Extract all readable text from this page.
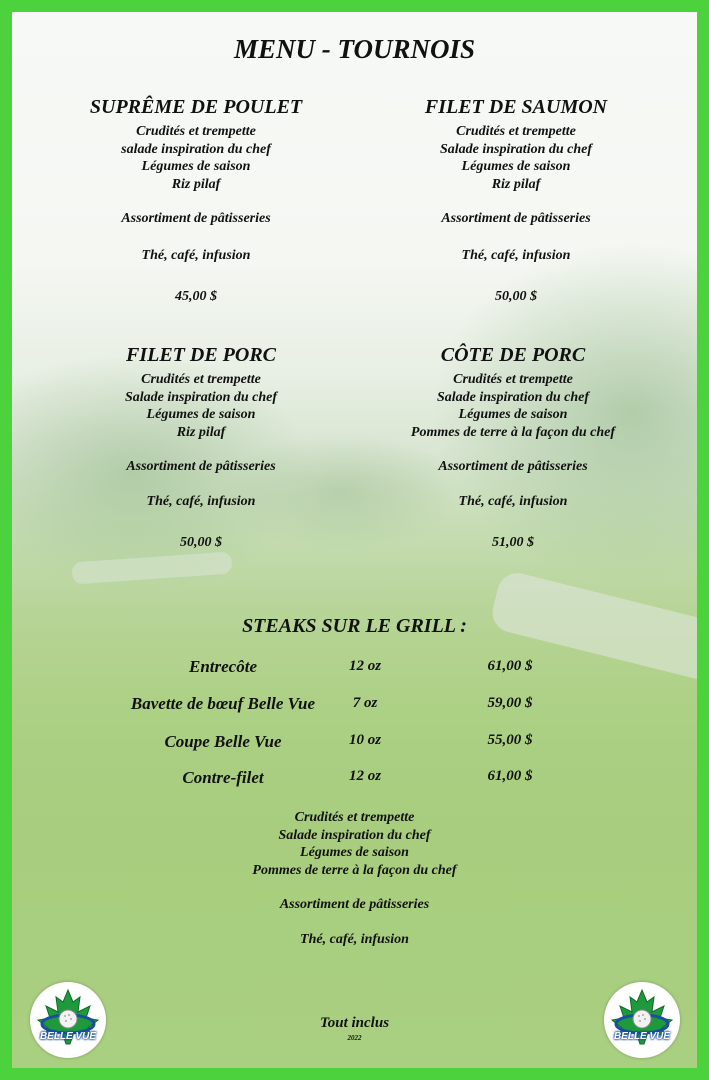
MENU - TOURNOIS
SUPRÊME DE POULET
Crudités et trempette
salade inspiration du chef
Légumes de saison
Riz pilaf
Assortiment de pâtisseries
Thé, café, infusion
45,00 $
FILET DE SAUMON
Crudités et trempette
Salade inspiration du chef
Légumes de saison
Riz pilaf
Assortiment de pâtisseries
Thé, café, infusion
50,00 $
FILET DE PORC
Crudités et trempette
Salade inspiration du chef
Légumes de saison
Riz pilaf
Assortiment de pâtisseries
Thé, café, infusion
50,00 $
CÔTE DE PORC
Crudités et trempette
Salade inspiration du chef
Légumes de saison
Pommes de terre à la façon du chef
Assortiment de pâtisseries
Thé, café, infusion
51,00 $
STEAKS SUR LE GRILL :
Entrecôte	12 oz	61,00 $
Bavette de bœuf Belle Vue	7 oz	59,00 $
Coupe Belle Vue	10 oz	55,00 $
Contre-filet	12 oz	61,00 $
Crudités et trempette
Salade inspiration du chef
Légumes de saison
Pommes de terre à la façon du chef
Assortiment de pâtisseries
Thé, café, infusion
Tout inclus
2022
BELLE VUE	BELLE VUE
